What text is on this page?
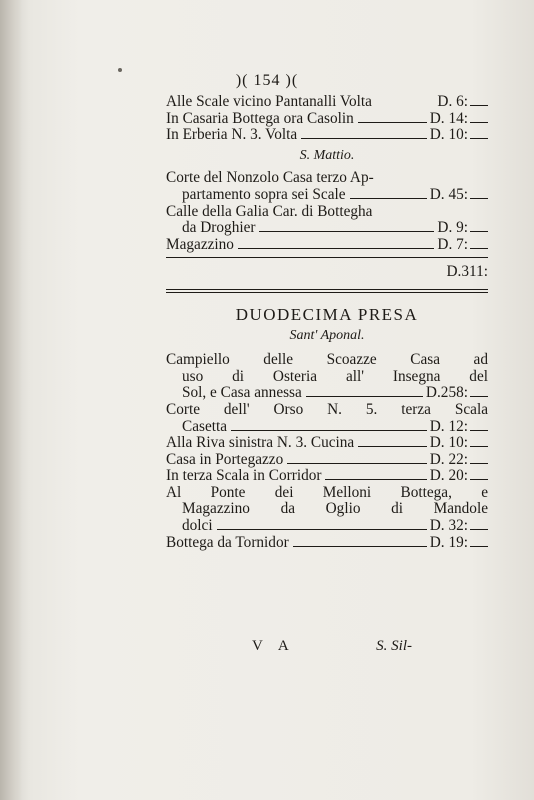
)( 154 )(
Alle Scale vicino Pantanalli Volta	D. 6:
In Casaria Bottega ora Casolin	D. 14:
In Erberia N. 3. Volta	D. 10:
S. Mattio.
Corte del Nonzolo Casa terzo Ap-
partamento sopra sei Scale	D. 45:
Calle della Galia Car. di Botteghа
da Droghier	D. 9:
Magazzino	D. 7:
D.311:
DUODECIMA PRESA
Sant' Aponal.
Campiello delle Scoazze Casa ad
uso di Osteria all' Insegna del
Sol, e Casa annessa	D.258:
Corte dell' Orso N. 5. terza Scala
Casetta	D. 12:
Alla Riva sinistra N. 3. Cucina	D. 10:
Casa in Portegazzo	D. 22:
In terza Scala in Corridor	D. 20:
Al Ponte dei Melloni Bottega, e
Magazzino da Oglio di Mandole
dolci	D. 32:
Bottega da Tornidor	D. 19:
V  A	S. Sil-
